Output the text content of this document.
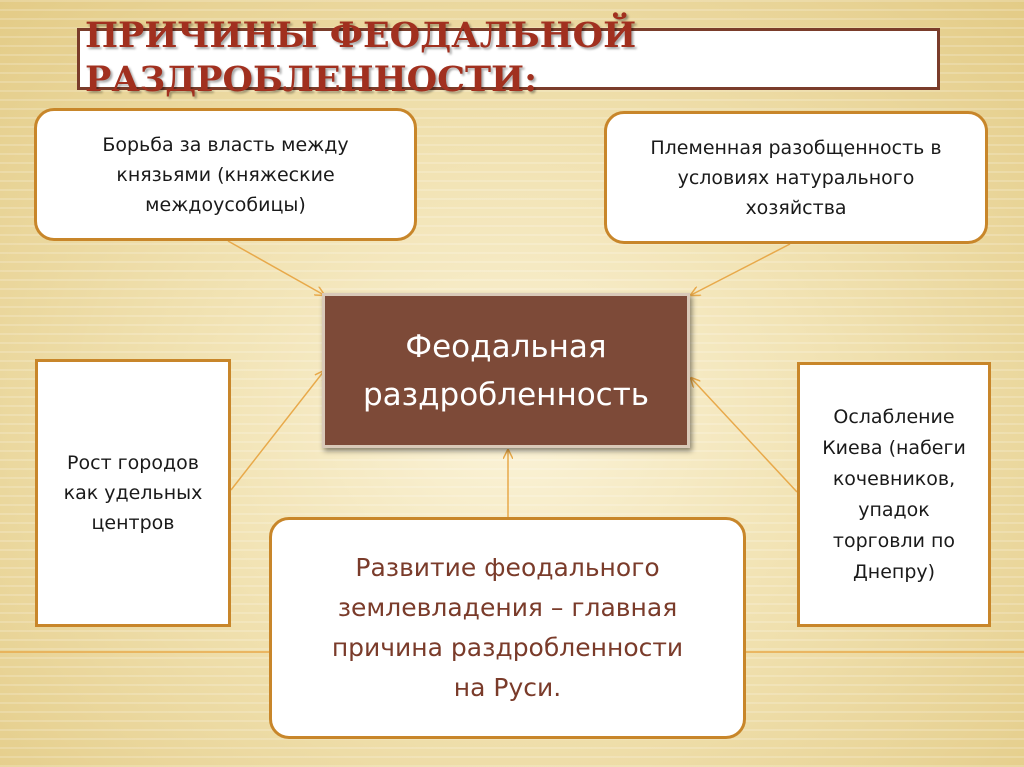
ПРИЧИНЫ ФЕОДАЛЬНОЙ
РАЗДРОБЛЕННОСТИ:
Борьба за власть между
князьями (княжеские
междоусобицы)
Племенная разобщенность в
условиях натурального
хозяйства
Феодальная
раздробленность
Рост городов
как удельных
центров
Ослабление
Киева (набеги
кочевников,
упадок
торговли по
Днепру)
Развитие феодального
землевладения – главная
причина раздробленности
на Руси.
